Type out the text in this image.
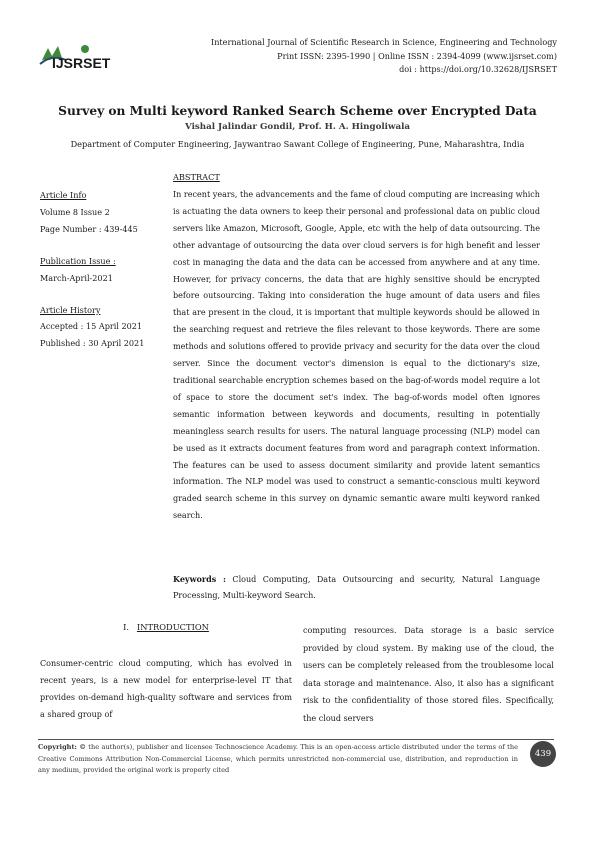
IJSRSET
International Journal of Scientific Research in Science, Engineering and Technology
Print ISSN: 2395-1990 | Online ISSN : 2394-4099 (www.ijsrset.com)
doi : https://doi.org/10.32628/IJSRSET
Survey on Multi keyword Ranked Search Scheme over Encrypted Data
Vishal Jalindar Gondil, Prof. H. A. Hingoliwala
Department of Computer Engineering, Jaywantrao Sawant College of Engineering, Pune, Maharashtra, India
Article Info
Volume 8 Issue 2
Page Number : 439-445
Publication Issue :
March-April-2021
Article History
Accepted : 15 April 2021
Published : 30 April 2021
ABSTRACT

In recent years, the advancements and the fame of cloud computing are increasing which is actuating the data owners to keep their personal and professional data on public cloud servers like Amazon, Microsoft, Google, Apple, etc with the help of data outsourcing. The other advantage of outsourcing the data over cloud servers is for high benefit and lesser cost in managing the data and the data can be accessed from anywhere and at any time. However, for privacy concerns, the data that are highly sensitive should be encrypted before outsourcing. Taking into consideration the huge amount of data users and files that are present in the cloud, it is important that multiple keywords should be allowed in the searching request and retrieve the files relevant to those keywords. There are some methods and solutions offered to provide privacy and security for the data over the cloud server. Since the document vector's dimension is equal to the dictionary's size, traditional searchable encryption schemes based on the bag-of-words model require a lot of space to store the document set's index. The bag-of-words model often ignores semantic information between keywords and documents, resulting in potentially meaningless search results for users. The natural language processing (NLP) model can be used as it extracts document features from word and paragraph context information. The features can be used to assess document similarity and provide latent semantics information. The NLP model was used to construct a semantic-conscious multi keyword graded search scheme in this survey on dynamic semantic aware multi keyword ranked search.

Keywords : Cloud Computing, Data Outsourcing and security, Natural Language Processing, Multi-keyword Search.
I. INTRODUCTION
Consumer-centric cloud computing, which has evolved in recent years, is a new model for enterprise-level IT that provides on-demand high-quality software and services from a shared group of
computing resources. Data storage is a basic service provided by cloud system. By making use of the cloud, the users can be completely released from the troublesome local data storage and maintenance. Also, it also has a significant risk to the confidentiality of those stored files. Specifically, the cloud servers
Copyright: © the author(s), publisher and licensee Technoscience Academy. This is an open-access article distributed under the terms of the Creative Commons Attribution Non-Commercial License, which permits unrestricted non-commercial use, distribution, and reproduction in any medium, provided the original work is properly cited
439
